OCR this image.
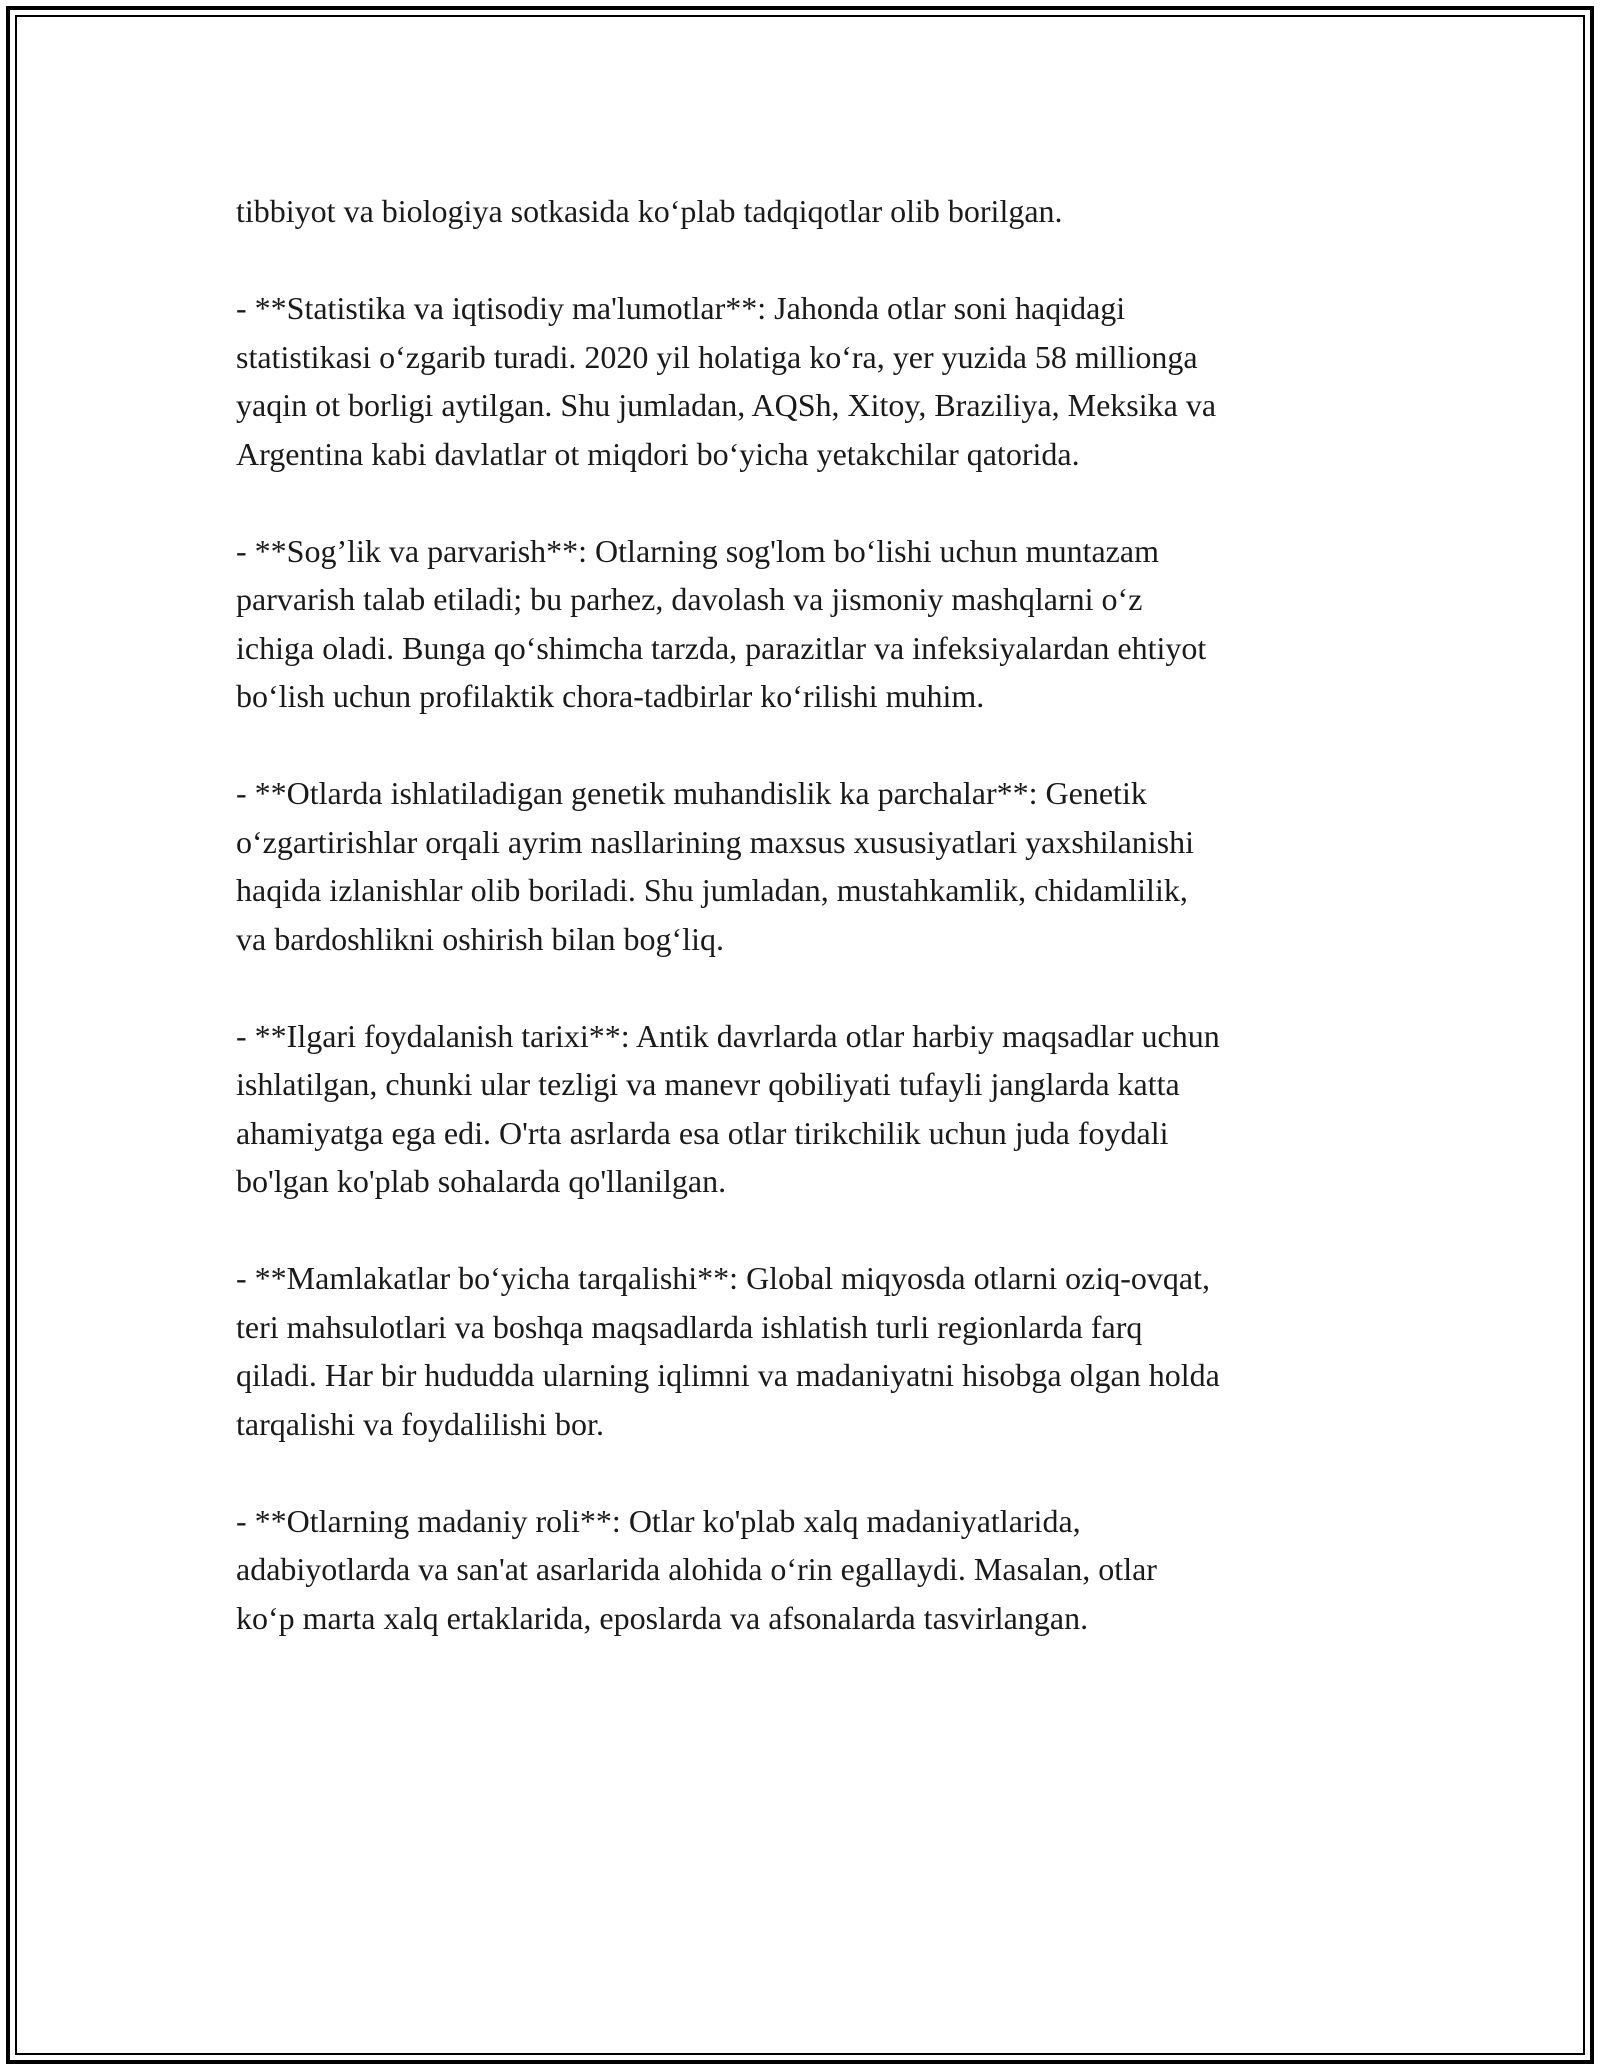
tibbiyot va biologiya sotkasida ko‘plab tadqiqotlar olib borilgan.

- **Statistika va iqtisodiy ma'lumotlar**: Jahonda otlar soni haqidagi
statistikasi o‘zgarib turadi. 2020 yil holatiga ko‘ra, yer yuzida 58 millionga
yaqin ot borligi aytilgan. Shu jumladan, AQSh, Xitoy, Braziliya, Meksika va
Argentina kabi davlatlar ot miqdori bo‘yicha yetakchilar qatorida.

- **Sog’lik va parvarish**: Otlarning sog'lom bo‘lishi uchun muntazam
parvarish talab etiladi; bu parhez, davolash va jismoniy mashqlarni o‘z
ichiga oladi. Bunga qo‘shimcha tarzda, parazitlar va infeksiyalardan ehtiyot
bo‘lish uchun profilaktik chora-tadbirlar ko‘rilishi muhim.

- **Otlarda ishlatiladigan genetik muhandislik ka parchalar**: Genetik
o‘zgartirishlar orqali ayrim nasllarining maxsus xususiyatlari yaxshilanishi
haqida izlanishlar olib boriladi. Shu jumladan, mustahkamlik, chidamlilik,
va bardoshlikni oshirish bilan bog‘liq.

- **Ilgari foydalanish tarixi**: Antik davrlarda otlar harbiy maqsadlar uchun
ishlatilgan, chunki ular tezligi va manevr qobiliyati tufayli janglarda katta
ahamiyatga ega edi. O'rta asrlarda esa otlar tirikchilik uchun juda foydali
bo'lgan ko'plab sohalarda qo'llanilgan.

- **Mamlakatlar bo‘yicha tarqalishi**: Global miqyosda otlarni oziq-ovqat,
teri mahsulotlari va boshqa maqsadlarda ishlatish turli regionlarda farq
qiladi. Har bir hududda ularning iqlimni va madaniyatni hisobga olgan holda
tarqalishi va foydalilishi bor.

- **Otlarning madaniy roli**: Otlar ko'plab xalq madaniyatlarida,
adabiyotlarda va san'at asarlarida alohida o‘rin egallaydi. Masalan, otlar
ko‘p marta xalq ertaklarida, eposlarda va afsonalarda tasvirlangan.
